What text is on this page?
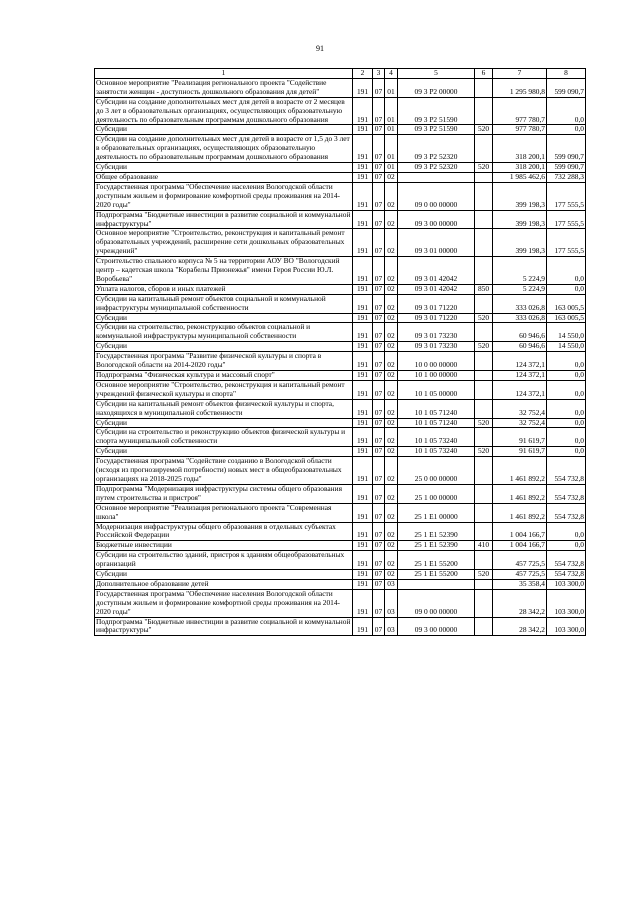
91
1	2	3	4	5	6	7	8
Основное мероприятие "Реализация регионального проекта "Содействие занятости женщин - доступность дошкольного образования для детей"	191	07	01	09 3 P2 00000		1 295 980,8	599 090,7
Субсидии на создание дополнительных мест для детей в возрасте от 2 месяцев до 3 лет в образовательных организациях, осуществляющих образовательную деятельность по образовательным программам дошкольного образования	191	07	01	09 3 P2 51590		977 780,7	0,0
Субсидии	191	07	01	09 3 P2 51590	520	977 780,7	0,0
Субсидии на создание дополнительных мест для детей в возрасте от 1,5 до 3 лет в образовательных организациях, осуществляющих образовательную деятельность по образовательным программам дошкольного образования	191	07	01	09 3 P2 52320		318 200,1	599 090,7
Субсидии	191	07	01	09 3 P2 52320	520	318 200,1	599 090,7
Общее образование	191	07	02			1 985 462,6	732 288,3
Государственная программа "Обеспечение населения Вологодской области доступным жильем и формирование комфортной среды проживания на 2014-2020 годы"	191	07	02	09 0 00 00000		399 198,3	177 555,5
Подпрограмма "Бюджетные инвестиции в развитие социальной и коммунальной инфраструктуры"	191	07	02	09 3 00 00000		399 198,3	177 555,5
Основное мероприятие "Строительство, реконструкция и капитальный ремонт образовательных учреждений, расширение сети дошкольных образовательных учреждений"	191	07	02	09 3 01 00000		399 198,3	177 555,5
Строительство спального корпуса № 5 на территории АОУ ВО "Вологодский центр – кадетская школа "Корабелы Прионежья" имени Героя России Ю.Л. Воробьева"	191	07	02	09 3 01 42042		5 224,9	0,0
Уплата налогов, сборов и иных платежей	191	07	02	09 3 01 42042	850	5 224,9	0,0
Субсидии на капитальный ремонт объектов социальной и коммунальной инфраструктуры муниципальной собственности	191	07	02	09 3 01 71220		333 026,8	163 005,5
Субсидии	191	07	02	09 3 01 71220	520	333 026,8	163 005,5
Субсидии на строительство, реконструкцию объектов социальной и коммунальной инфраструктуры муниципальной собственности	191	07	02	09 3 01 73230		60 946,6	14 550,0
Субсидии	191	07	02	09 3 01 73230	520	60 946,6	14 550,0
Государственная программа "Развитие физической культуры и спорта в Вологодской области на 2014-2020 годы"	191	07	02	10 0 00 00000		124 372,1	0,0
Подпрограмма "Физическая культура и массовый спорт"	191	07	02	10 1 00 00000		124 372,1	0,0
Основное мероприятие "Строительство, реконструкция и капитальный ремонт учреждений физической культуры и спорта"	191	07	02	10 1 05 00000		124 372,1	0,0
Субсидии на капитальный ремонт объектов физической культуры и спорта, находящихся в муниципальной собственности	191	07	02	10 1 05 71240		32 752,4	0,0
Субсидии	191	07	02	10 1 05 71240	520	32 752,4	0,0
Субсидии на строительство и реконструкцию объектов физической культуры и спорта муниципальной собственности	191	07	02	10 1 05 73240		91 619,7	0,0
Субсидии	191	07	02	10 1 05 73240	520	91 619,7	0,0
Государственная программа "Содействие созданию в Вологодской области (исходя из прогнозируемой потребности) новых мест в общеобразовательных организациях на 2018-2025 годы"	191	07	02	25 0 00 00000		1 461 892,2	554 732,8
Подпрограмма "Модернизация инфраструктуры системы общего образования путем строительства и пристроя"	191	07	02	25 1 00 00000		1 461 892,2	554 732,8
Основное мероприятие "Реализация регионального проекта "Современная школа"	191	07	02	25 1 E1 00000		1 461 892,2	554 732,8
Модернизация инфраструктуры общего образования в отдельных субъектах Российской Федерации	191	07	02	25 1 E1 52390		1 004 166,7	0,0
Бюджетные инвестиции	191	07	02	25 1 E1 52390	410	1 004 166,7	0,0
Субсидии на строительство зданий, пристроя к зданиям общеобразовательных организаций	191	07	02	25 1 E1 55200		457 725,5	554 732,8
Субсидии	191	07	02	25 1 E1 55200	520	457 725,5	554 732,8
Дополнительное образование детей	191	07	03			35 358,4	103 300,0
Государственная программа "Обеспечение населения Вологодской области доступным жильем и формирование комфортной среды проживания на 2014-2020 годы"	191	07	03	09 0 00 00000		28 342,2	103 300,0
Подпрограмма "Бюджетные инвестиции в развитие социальной и коммунальной инфраструктуры"	191	07	03	09 3 00 00000		28 342,2	103 300,0
